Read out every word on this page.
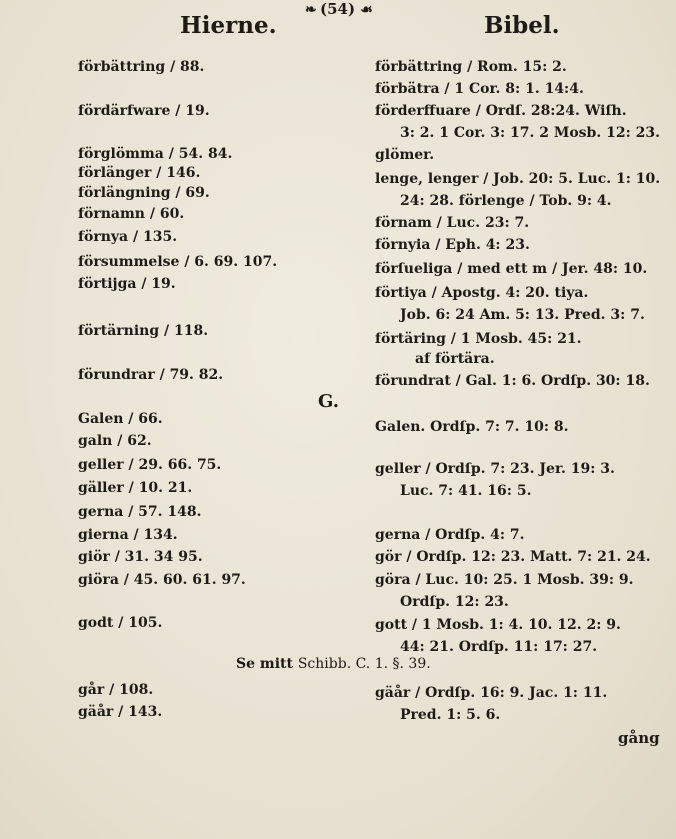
❧ (54) ☙
Hierne.	Bibel.
förbättring / 88.
fördärfware / 19.
förglömma / 54. 84.
förlänger / 146.
förlängning / 69.
förnamn / 60.
förnya / 135.
försummelse / 6. 69. 107.
förtijga / 19.
förtärning / 118.
förundrar / 79. 82.
Galen / 66.
galn / 62.
geller / 29. 66. 75.
gäller / 10. 21.
gerna / 57. 148.
gierna / 134.
giör / 31. 34 95.
giöra / 45. 60. 61. 97.
godt / 105.
går / 108.
gäår / 143.
förbättring / Rom. 15: 2.
förbätra / 1 Cor. 8: 1. 14:4.
förderffuare / Ordſ. 28:24. Wiſh.
3: 2. 1 Cor. 3: 17. 2 Mosb. 12: 23.
glömer.
lenge, lenger / Job. 20: 5. Luc. 1: 10.
24: 28. förlenge / Tob. 9: 4.
förnam / Luc. 23: 7.
förnyia / Eph. 4: 23.
förſueliga / med ett m / Jer. 48: 10.
förtiya / Apostg. 4: 20. tiya.
Job. 6: 24 Am. 5: 13. Pred. 3: 7.
förtäring / 1 Mosb. 45: 21.
af förtära.
förundrat / Gal. 1: 6. Ordſp. 30: 18.
Galen. Ordſp. 7: 7. 10: 8.
geller / Ordſp. 7: 23. Jer. 19: 3.
Luc. 7: 41. 16: 5.
gerna / Ordſp. 4: 7.
gör / Ordſp. 12: 23. Matt. 7: 21. 24.
göra / Luc. 10: 25. 1 Mosb. 39: 9.
Ordſp. 12: 23.
gott / 1 Mosb. 1: 4. 10. 12. 2: 9.
44: 21. Ordſp. 11: 17: 27.
gäår / Ordſp. 16: 9. Jac. 1: 11.
Pred. 1: 5. 6.
G.
Se mitt Schibb. C. 1. §. 39.
gång
